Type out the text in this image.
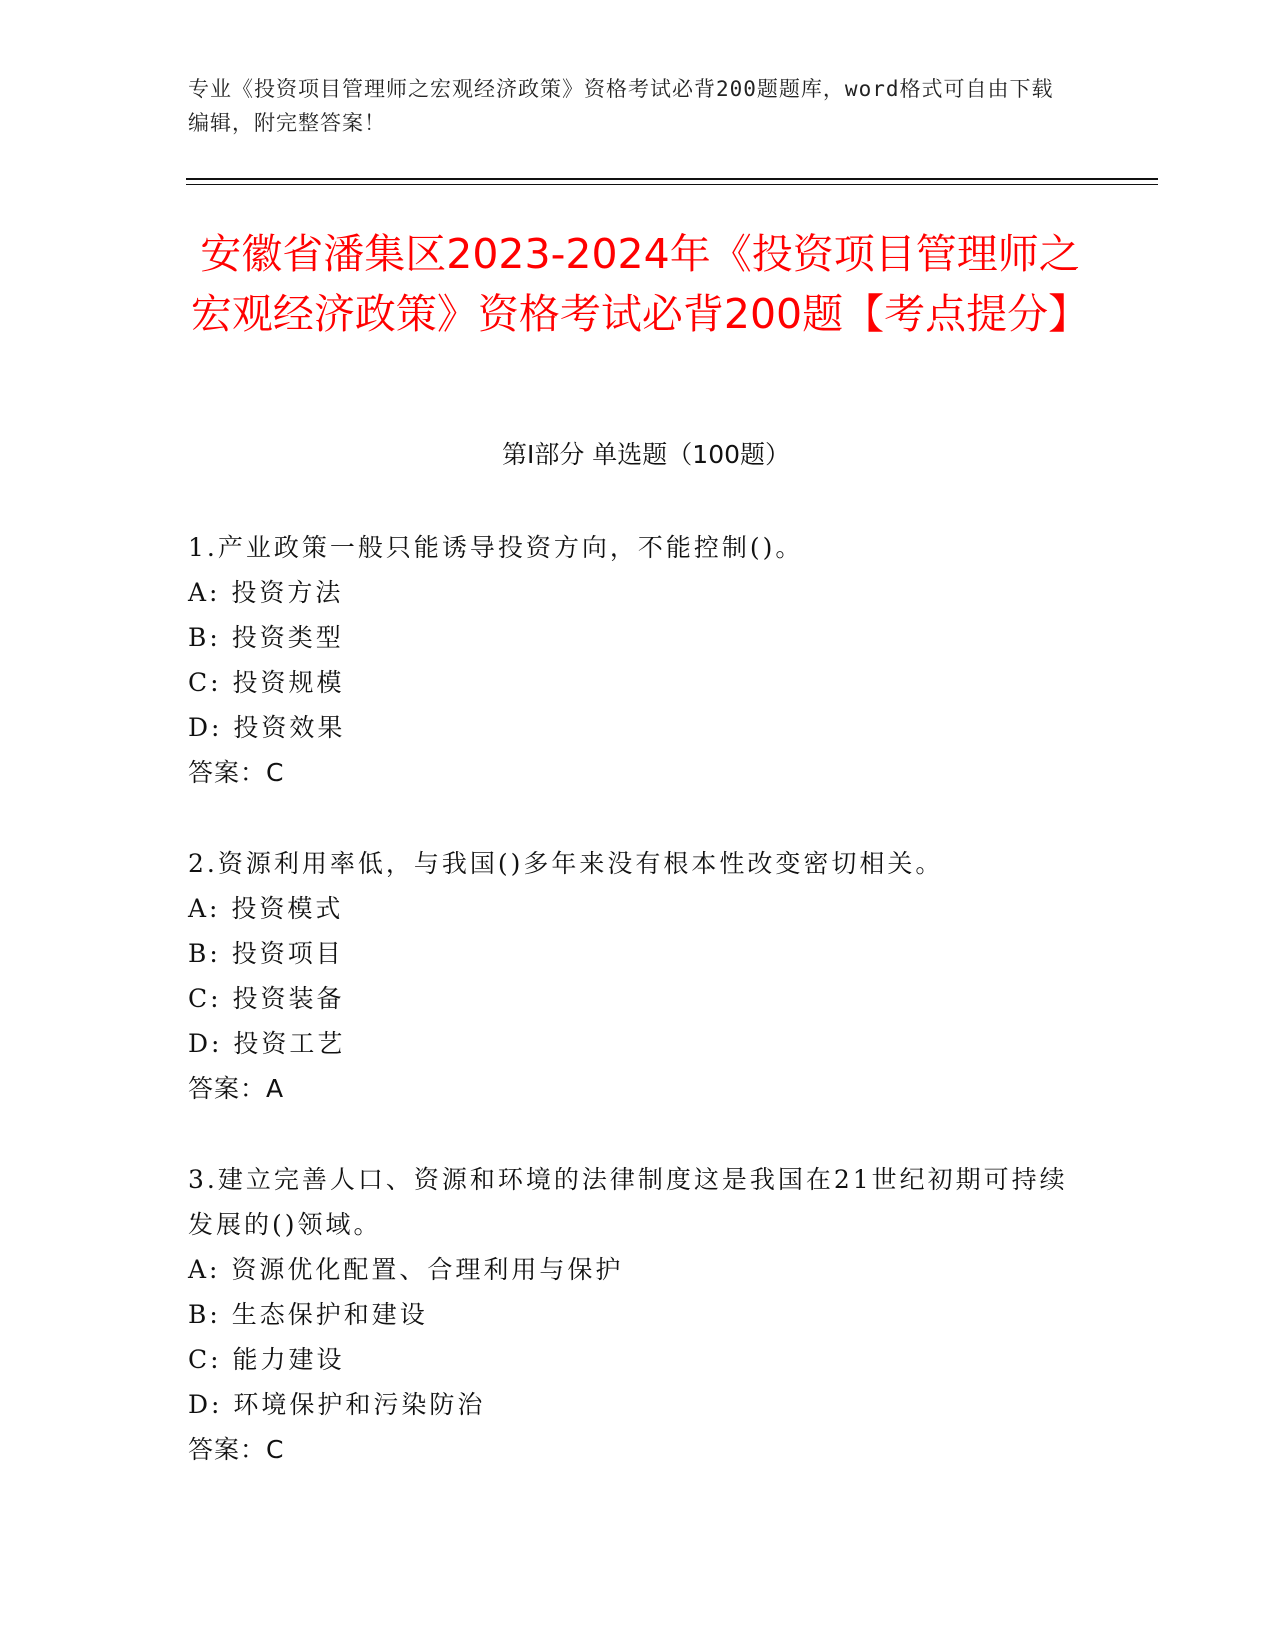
专业《投资项目管理师之宏观经济政策》资格考试必背200题题库，word格式可自由下载编辑，附完整答案！
安徽省潘集区2023-2024年《投资项目管理师之宏观经济政策》资格考试必背200题【考点提分】
第Ⅰ部分 单选题（100题）

1.产业政策一般只能诱导投资方向，不能控制()。

A: 投资方法

B: 投资类型

C: 投资规模

D: 投资效果

答案：C

2.资源利用率低，与我国()多年来没有根本性改变密切相关。

A: 投资模式

B: 投资项目

C: 投资装备

D: 投资工艺

答案：A

3.建立完善人口、资源和环境的法律制度这是我国在21世纪初期可持续发展的()领域。

A: 资源优化配置、合理利用与保护

B: 生态保护和建设

C: 能力建设

D: 环境保护和污染防治

答案：C
